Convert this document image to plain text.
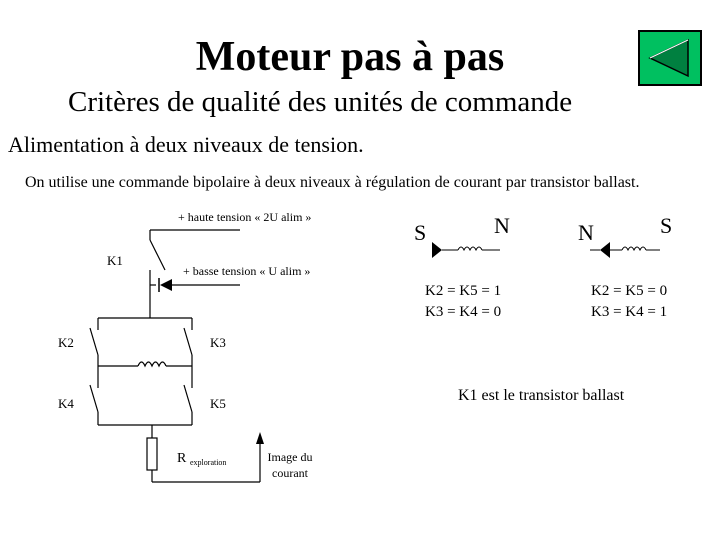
Moteur pas à pas
Critères de qualité des unités de commande
Alimentation à deux niveaux de tension.
On utilise une commande bipolaire à deux niveaux à régulation de courant par transistor ballast.
+ haute tension « 2U alim »
+ basse tension « U alim »
K1
K2	K3
K4	K5
R exploration	Image du
courant
S	N
K2 = K5 = 1
K3 = K4 = 0
N	S
K2 = K5 = 0
K3 = K4 = 1
K1 est le transistor ballast
